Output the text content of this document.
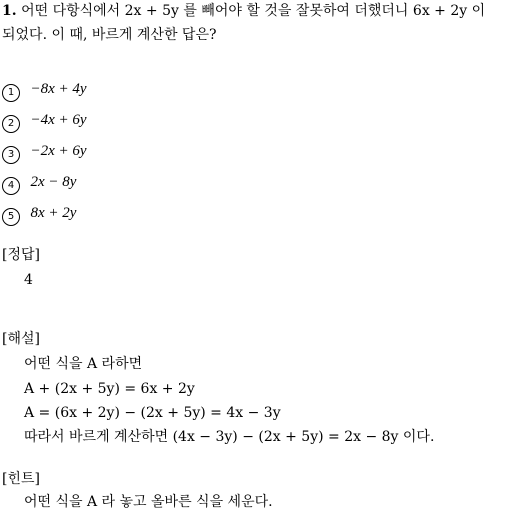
1. 어떤 다항식에서 2x + 5y 를 빼어야 할 것을 잘못하여 더했더니 6x + 2y 이
되었다. 이 때, 바르게 계산한 답은?
1 −8x + 4y
2 −4x + 6y
3 −2x + 6y
4 2x − 8y
5 8x + 2y
[정답]
4
[해설]
어떤 식을 A 라하면
A + (2x + 5y) = 6x + 2y
A = (6x + 2y) − (2x + 5y) = 4x − 3y
따라서 바르게 계산하면 (4x − 3y) − (2x + 5y) = 2x − 8y 이다.
[힌트]
어떤 식을 A 라 놓고 올바른 식을 세운다.
